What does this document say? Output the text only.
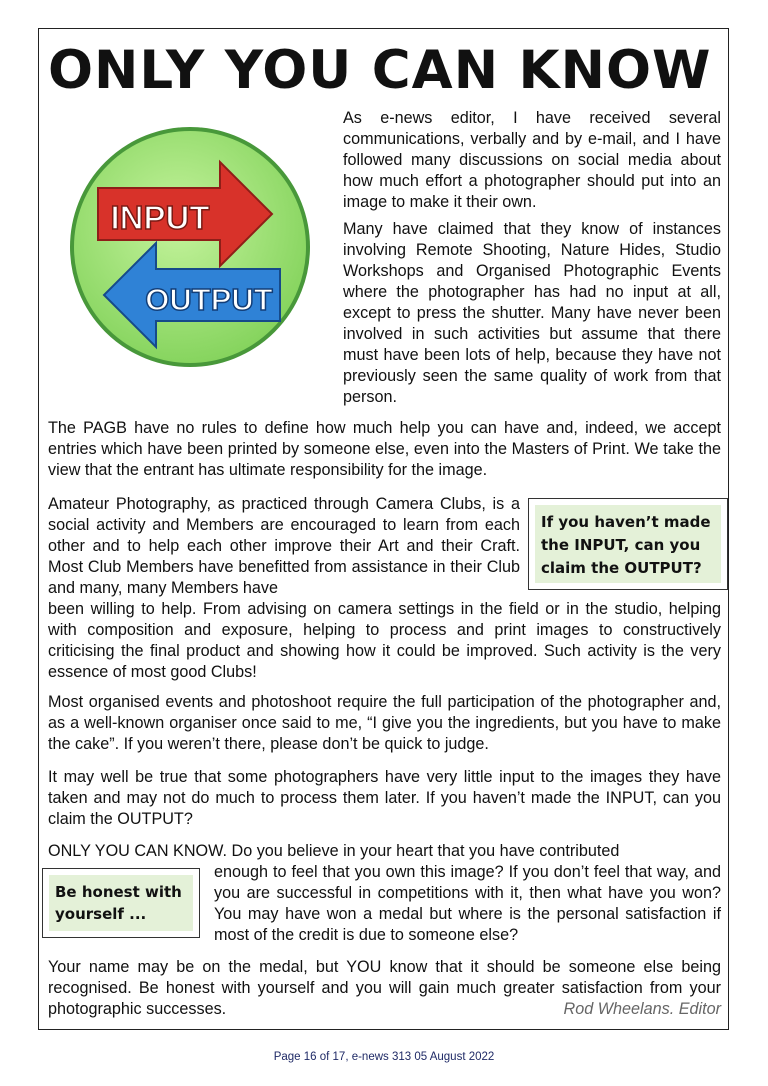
ONLY YOU CAN KNOW
INPUT
OUTPUT

As e-news editor, I have received several communications, verbally and by e-mail, and I have followed many discussions on social media about how much effort a photographer should put into an image to make it their own.

Many have claimed that they know of instances involving Remote Shooting, Nature Hides, Studio Workshops and Organised Photographic Events where the photographer has had no input at all, except to press the shutter. Many have never been involved in such activities but assume that there must have been lots of help, because they have not previously seen the same quality of work from that person.

The PAGB have no rules to define how much help you can have and, indeed, we accept entries which have been printed by someone else, even into the Masters of Print. We take the view that the entrant has ultimate responsibility for the image.

Amateur Photography, as practiced through Camera Clubs, is a social activity and Members are encouraged to learn from each other and to help each other improve their Art and their Craft. Most Club Members have benefitted from assistance in their Club and many, many Members have

If you haven’t made the INPUT, can you claim the OUTPUT?

been willing to help. From advising on camera settings in the field or in the studio, helping with composition and exposure, helping to process and print images to constructively criticising the final product and showing how it could be improved. Such activity is the very essence of most good Clubs!

Most organised events and photoshoot require the full participation of the photographer and, as a well-known organiser once said to me, “I give you the ingredients, but you have to make the cake”. If you weren’t there, please don’t be quick to judge.

It may well be true that some photographers have very little input to the images they have taken and may not do much to process them later. If you haven’t made the INPUT, can you claim the OUTPUT?

ONLY YOU CAN KNOW. Do you believe in your heart that you have contributed

enough to feel that you own this image? If you don’t feel that way, and you are successful in competitions with it, then what have you won? You may have won a medal but where is the personal satisfaction if most of the credit is due to someone else?

Be honest with yourself ...

Your name may be on the medal, but YOU know that it should be someone else being recognised. Be honest with yourself and you will gain much greater satisfaction from your photographic successes.	Rod Wheelans. Editor

Page 16 of 17, e-news 313 05 August 2022
